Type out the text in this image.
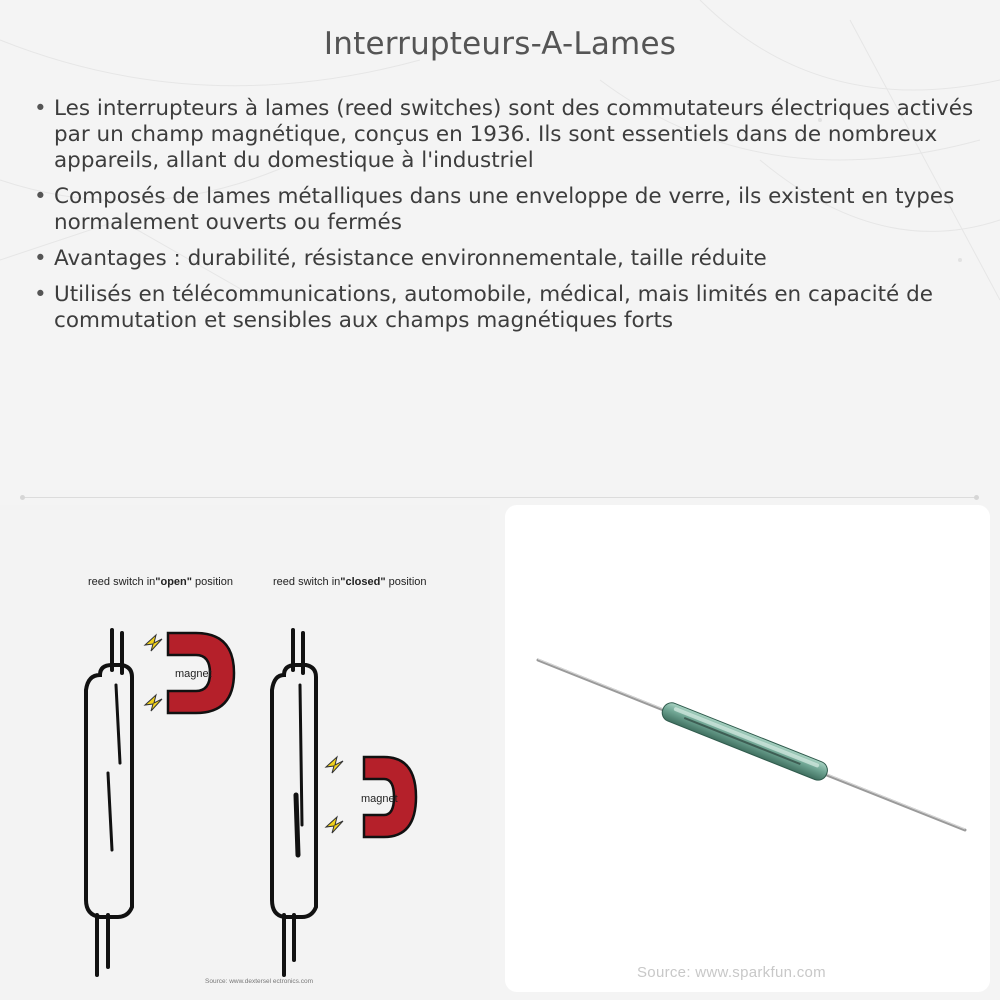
Interrupteurs-A-Lames
• Les interrupteurs à lames (reed switches) sont des commutateurs électriques activés par un champ magnétique, conçus en 1936. Ils sont essentiels dans de nombreux appareils, allant du domestique à l'industriel
• Composés de lames métalliques dans une enveloppe de verre, ils existent en types normalement ouverts ou fermés
• Avantages : durabilité, résistance environnementale, taille réduite
• Utilisés en télécommunications, automobile, médical, mais limités en capacité de commutation et sensibles aux champs magnétiques forts
reed switch in"open" position	reed switch in"closed" position
magnet
magnet
Source: www.dextersel ectronics.com
Source: www.sparkfun.com
